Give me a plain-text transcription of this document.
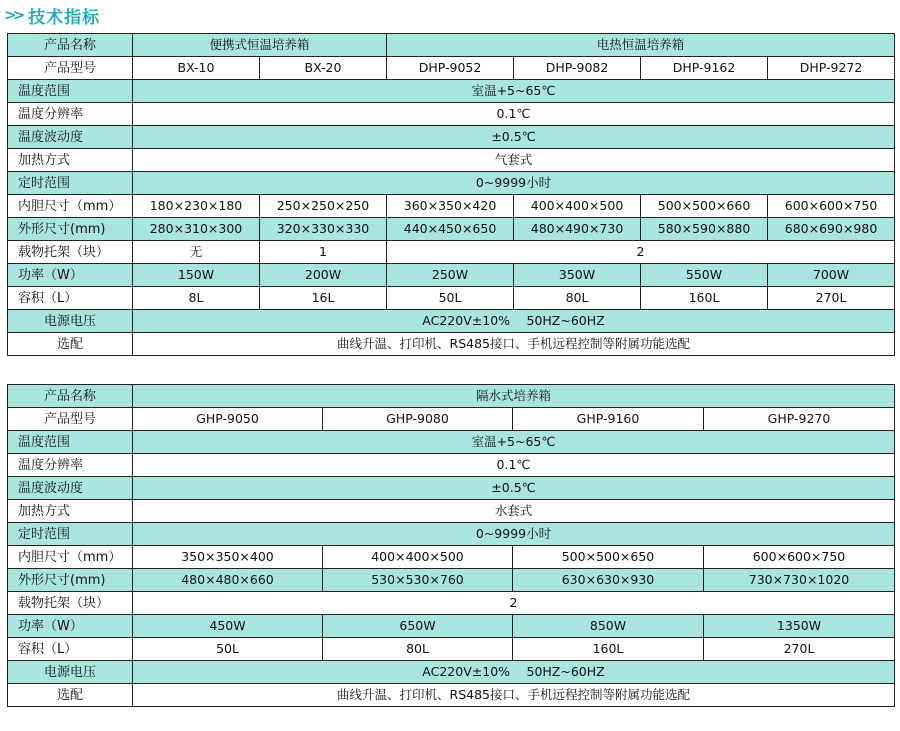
>> 技术指标
产品名称	便携式恒温培养箱		电热恒温培养箱			
产品型号	BX-10	BX-20	DHP-9052	DHP-9082	DHP-9162	DHP-9272
温度范围	室温+5~65℃					
温度分辨率	0.1℃					
温度波动度	±0.5℃					
加热方式	气套式					
定时范围	0~9999小时					
内胆尺寸（mm）	180×230×180	250×250×250	360×350×420	400×400×500	500×500×660	600×600×750
外形尺寸(mm)	280×310×300	320×330×330	440×450×650	480×490×730	580×590×880	680×690×980
载物托架（块）	无	1	2			
功率（W）	150W	200W	250W	350W	550W	700W
容积（L）	8L	16L	50L	80L	160L	270L
电源电压	AC220V±10%　 50HZ~60HZ					
选配	曲线升温、打印机、RS485接口、手机远程控制等附属功能选配					
产品名称	隔水式培养箱			
产品型号	GHP-9050	GHP-9080	GHP-9160	GHP-9270
温度范围	室温+5~65℃			
温度分辨率	0.1℃			
温度波动度	±0.5℃			
加热方式	水套式			
定时范围	0~9999小时			
内胆尺寸（mm）	350×350×400	400×400×500	500×500×650	600×600×750
外形尺寸(mm)	480×480×660	530×530×760	630×630×930	730×730×1020
载物托架（块）	2			
功率（W）	450W	650W	850W	1350W
容积（L）	50L	80L	160L	270L
电源电压	AC220V±10%　 50HZ~60HZ			
选配	曲线升温、打印机、RS485接口、手机远程控制等附属功能选配			
